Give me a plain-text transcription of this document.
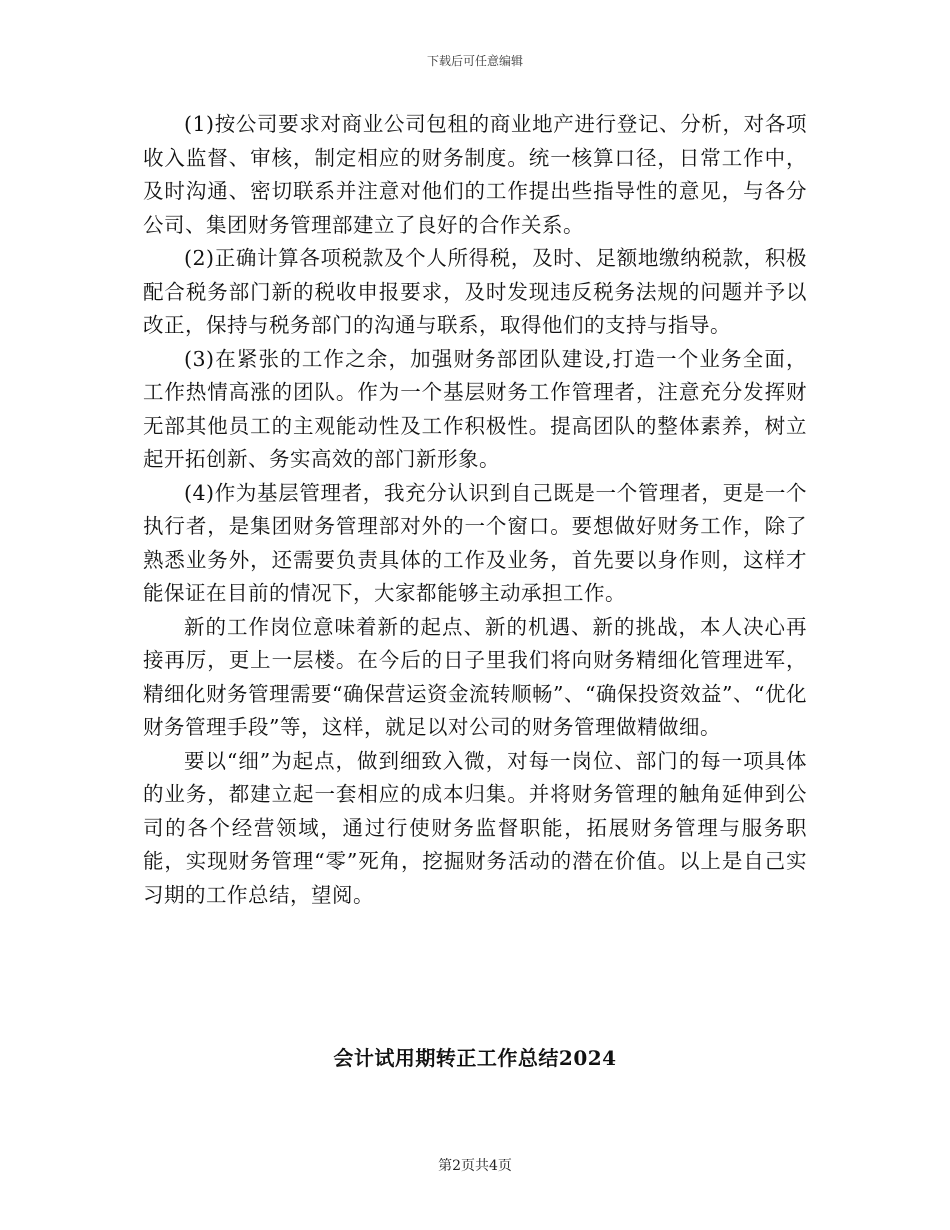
下载后可任意编辑

(1)按公司要求对商业公司包租的商业地产进行登记、分析，对各项收入监督、审核，制定相应的财务制度。统一核算口径，日常工作中，及时沟通、密切联系并注意对他们的工作提出些指导性的意见，与各分公司、集团财务管理部建立了良好的合作关系。

(2)正确计算各项税款及个人所得税，及时、足额地缴纳税款，积极配合税务部门新的税收申报要求，及时发现违反税务法规的问题并予以改正，保持与税务部门的沟通与联系，取得他们的支持与指导。

(3)在紧张的工作之余，加强财务部团队建设,打造一个业务全面，工作热情高涨的团队。作为一个基层财务工作管理者，注意充分发挥财无部其他员工的主观能动性及工作积极性。提高团队的整体素养，树立起开拓创新、务实高效的部门新形象。

(4)作为基层管理者，我充分认识到自己既是一个管理者，更是一个执行者，是集团财务管理部对外的一个窗口。要想做好财务工作，除了熟悉业务外，还需要负责具体的工作及业务，首先要以身作则，这样才能保证在目前的情况下，大家都能够主动承担工作。

新的工作岗位意味着新的起点、新的机遇、新的挑战，本人决心再接再厉，更上一层楼。在今后的日子里我们将向财务精细化管理进军，精细化财务管理需要“确保营运资金流转顺畅”、“确保投资效益”、“优化财务管理手段”等，这样，就足以对公司的财务管理做精做细。

要以“细”为起点，做到细致入微，对每一岗位、部门的每一项具体的业务，都建立起一套相应的成本归集。并将财务管理的触角延伸到公司的各个经营领域，通过行使财务监督职能，拓展财务管理与服务职能，实现财务管理“零”死角，挖掘财务活动的潜在价值。以上是自己实习期的工作总结，望阅。

会计试用期转正工作总结2024
第2页共4页
